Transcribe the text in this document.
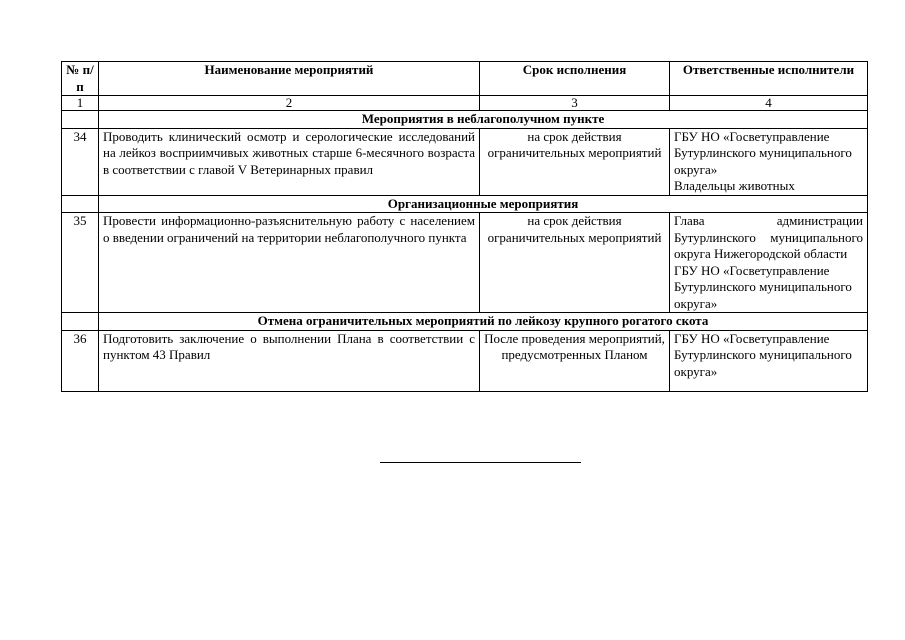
№ п/п	Наименование мероприятий	Срок исполнения	Ответственные исполнители
1	2	3	4
	Мероприятия в неблагополучном пункте		
34	Проводить клинический осмотр и серологические исследований на лейкоз восприимчивых животных старше 6-месячного возраста в соответствии с главой V Ветеринарных правил	на срок действия ограничительных мероприятий	ГБУ НО «Госветуправление Бутурлинского муниципального округа»
Владельцы животных

	Организационные мероприятия		
35	Провести информационно-разъяснительную работу с населением о введении ограничений на территории неблагополучного пункта	на срок действия ограничительных мероприятий	Глава администрации Бутурлинского муниципального округа Нижегородской области
ГБУ НО «Госветуправление Бутурлинского муниципального округа»

	Отмена ограничительных мероприятий по лейкозу крупного рогатого скота		
36	Подготовить заключение о выполнении Плана в соответствии с пунктом 43 Правил	После проведения мероприятий, предусмотренных Планом	ГБУ НО «Госветуправление Бутурлинского муниципального округа»
